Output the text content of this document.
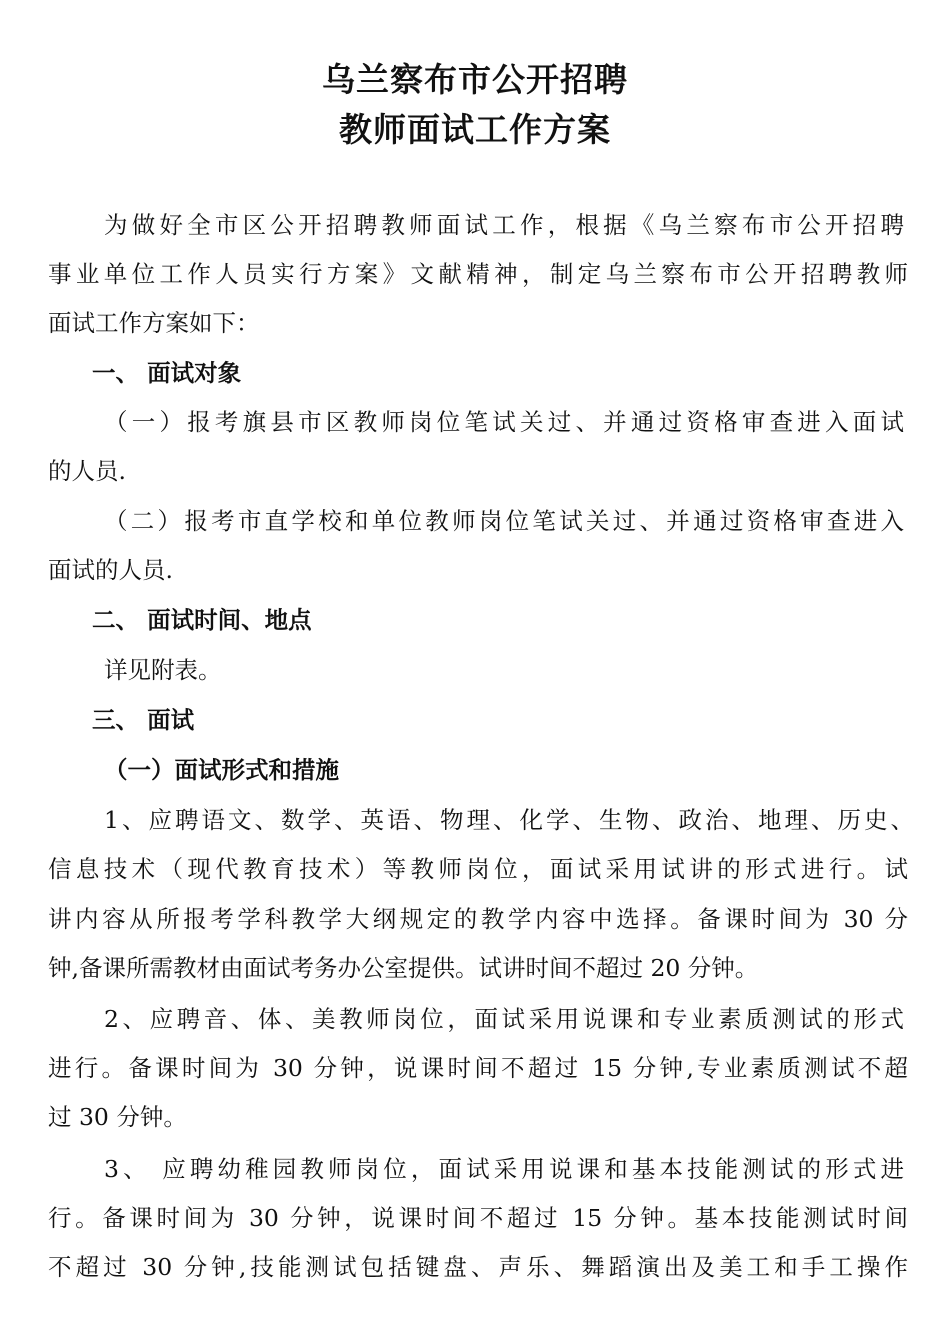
乌兰察布市公开招聘
教师面试工作方案

为做好全市区公开招聘教师面试工作，根据《乌兰察布市公开招聘

事业单位工作人员实行方案》文献精神，制定乌兰察布市公开招聘教师

面试工作方案如下：

一、 面试对象

（一）报考旗县市区教师岗位笔试关过、并通过资格审查进入面试

的人员.

（二）报考市直学校和单位教师岗位笔试关过、并通过资格审查进入

面试的人员.

二、 面试时间、地点

详见附表。

三、 面试

（一）面试形式和措施

1、应聘语文、数学、英语、物理、化学、生物、政治、地理、历史、

信息技术（现代教育技术）等教师岗位，面试采用试讲的形式进行。试

讲内容从所报考学科教学大纲规定的教学内容中选择。备课时间为 30 分

钟,备课所需教材由面试考务办公室提供。试讲时间不超过 20 分钟。

2、应聘音、体、美教师岗位，面试采用说课和专业素质测试的形式

进行。备课时间为 30 分钟，说课时间不超过 15 分钟,专业素质测试不超

过 30 分钟。

3、 应聘幼稚园教师岗位，面试采用说课和基本技能测试的形式进

行。备课时间为 30 分钟，说课时间不超过 15 分钟。基本技能测试时间

不超过 30 分钟,技能测试包括键盘、声乐、舞蹈演出及美工和手工操作
